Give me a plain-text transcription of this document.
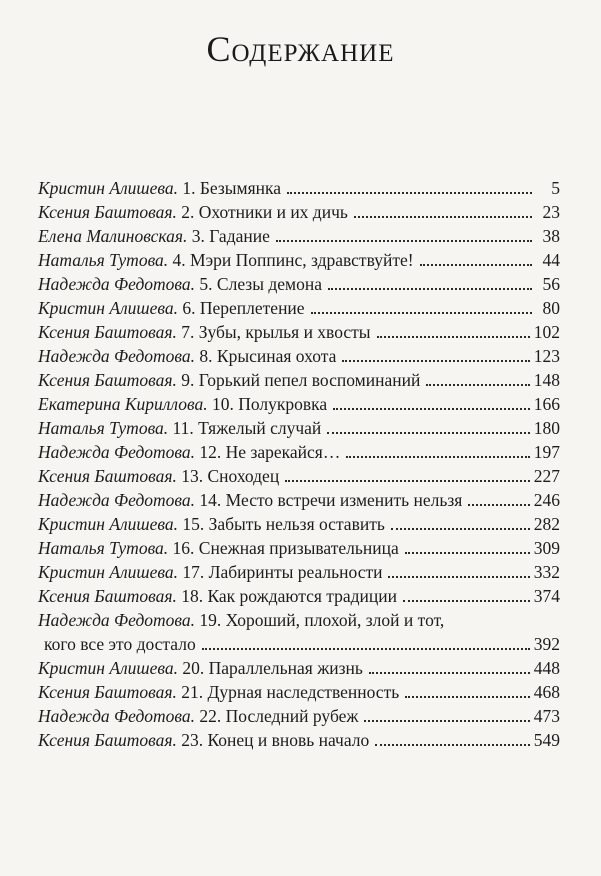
Содержание
Кристин Алишева. 1. Безымянка	5
Ксения Баштовая. 2. Охотники и их дичь	23
Елена Малиновская. 3. Гадание	38
Наталья Тутова. 4. Мэри Поппинс, здравствуйте!	44
Надежда Федотова. 5. Слезы демона	56
Кристин Алишева. 6. Переплетение	80
Ксения Баштовая. 7. Зубы, крылья и хвосты	102
Надежда Федотова. 8. Крысиная охота	123
Ксения Баштовая. 9. Горький пепел воспоминаний	148
Екатерина Кириллова. 10. Полукровка	166
Наталья Тутова. 11. Тяжелый случай	180
Надежда Федотова. 12. Не зарекайся…	197
Ксения Баштовая. 13. Сноходец	227
Надежда Федотова. 14. Место встречи изменить нельзя	246
Кристин Алишева. 15. Забыть нельзя оставить	282
Наталья Тутова. 16. Снежная призывательница	309
Кристин Алишева. 17. Лабиринты реальности	332
Ксения Баштовая. 18. Как рождаются традиции	374
Надежда Федотова. 19. Хороший, плохой, злой и тот,
кого все это достало	392
Кристин Алишева. 20. Параллельная жизнь	448
Ксения Баштовая. 21. Дурная наследственность	468
Надежда Федотова. 22. Последний рубеж	473
Ксения Баштовая. 23. Конец и вновь начало	549
